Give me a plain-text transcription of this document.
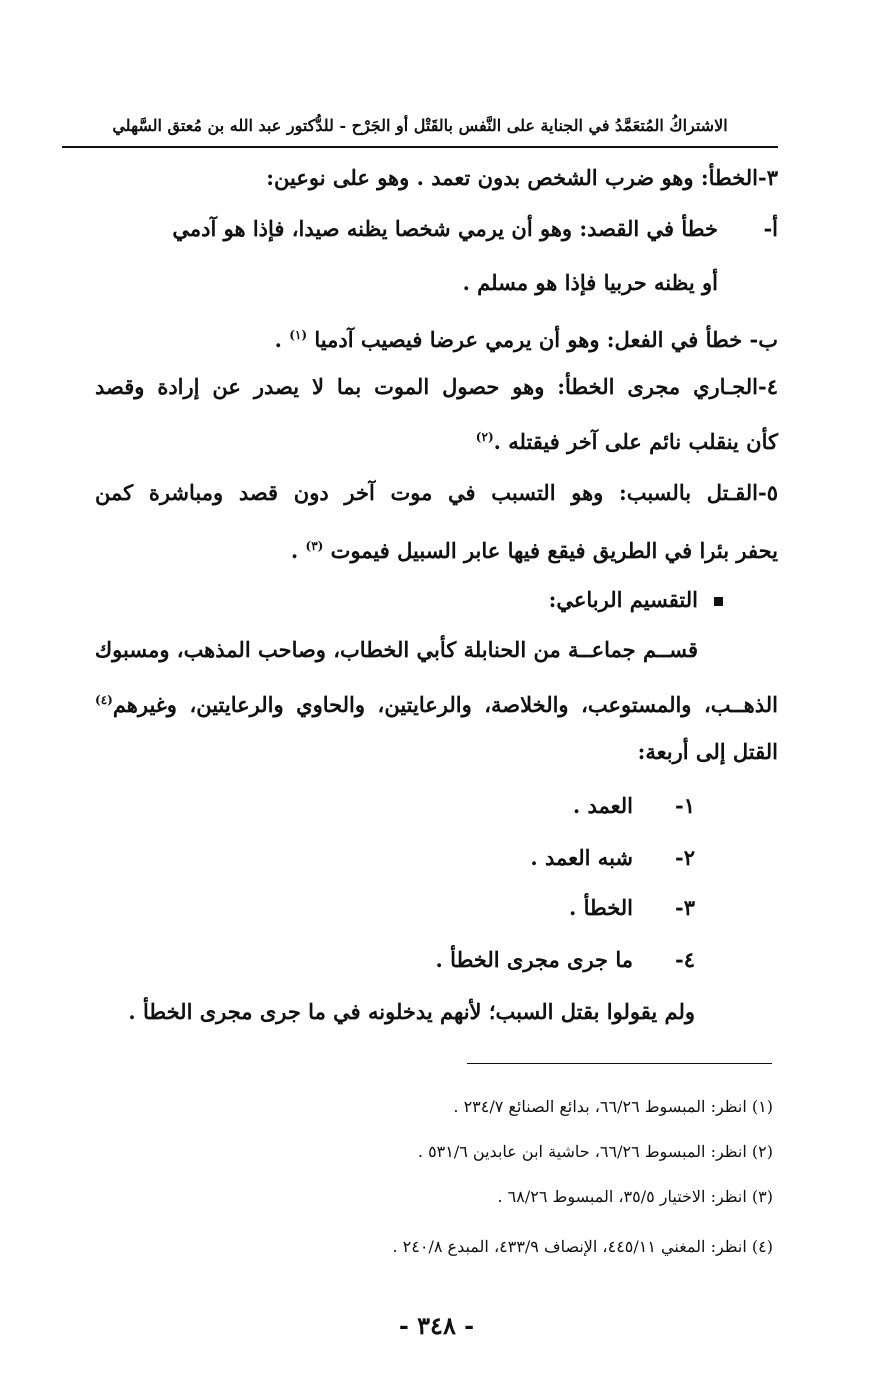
الاشتراكُ المُتعَمَّدُ في الجناية على النَّفس بالقَتْل أو الجَرْح - للدُّكتور عبد الله بن مُعتق السَّهلي
٣-الخطأ: وهو ضرب الشخص بدون تعمد . وهو على نوعين:
أ-خطأ في القصد: وهو أن يرمي شخصا يظنه صيدا، فإذا هو آدمي
أو يظنه حربيا فإذا هو مسلم .
ب- خطأ في الفعل: وهو أن يرمي عرضا فيصيب آدميا $^{(١)}$ .
٤-الجـاري مجرى الخطأ: وهو حصول الموت بما لا يصدر عن إرادة وقصد
كأن ينقلب نائم على آخر فيقتله .$^{(٢)}$
٥-القـتل بالسبب: وهو التسبب في موت آخر دون قصد ومباشرة كمن
يحفر بئرا في الطريق فيقع فيها عابر السبيل فيموت $^{(٣)}$ .
التقسيم الرباعي:
قســم جماعــة من الحنابلة كأبي الخطاب، وصاحب المذهب، ومسبوك
الذهــب، والمستوعب، والخلاصة، والرعايتين، والحاوي والرعايتين، وغيرهم$^{(٤)}$
القتل إلى أربعة:
١-العمد .
٢-شبه العمد .
٣-الخطأ .
٤-ما جرى مجرى الخطأ .
ولم يقولوا بقتل السبب؛ لأنهم يدخلونه في ما جرى مجرى الخطأ .
(١) انظر: المبسوط ٦٦/٢٦، بدائع الصنائع ٢٣٤/٧ .
(٢) انظر: المبسوط ٦٦/٢٦، حاشية ابن عابدين ٥٣١/٦ .
(٣) انظر: الاختيار ٣٥/٥، المبسوط ٦٨/٢٦ .
(٤) انظر: المغني ٤٤٥/١١، الإنصاف ٤٣٣/٩، المبدع ٢٤٠/٨ .
- ٣٤٨ -
